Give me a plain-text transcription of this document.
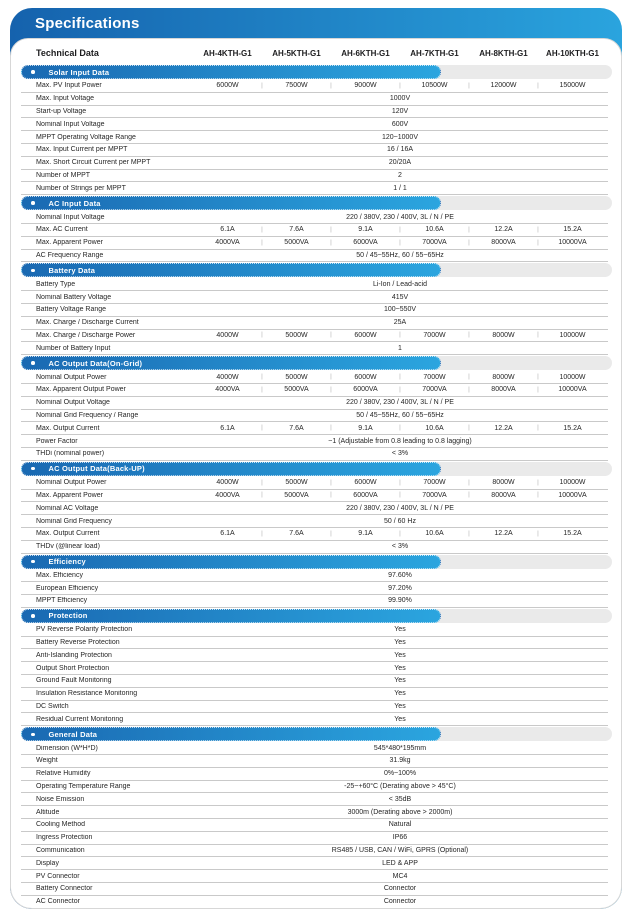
Specifications
Technical Data	AH-4KTH-G1	AH-5KTH-G1	AH-6KTH-G1	AH-7KTH-G1	AH-8KTH-G1	AH-10KTH-G1
Solar Input Data
Max. PV Input Power	6000W	| 7500W	| 9000W	| 10500W	| 12000W	| 15000W
Max. Input Voltage	1000V
Start-up Voltage	120V
Nominal Input Voltage	600V
MPPT Operating Voltage Range	120~1000V
Max. Input Current per MPPT	16 / 16A
Max. Short Circuit Current per MPPT	20/20A
Number of MPPT	2
Number of Strings per MPPT	1 / 1
AC Input Data
Nominal Input Voltage	220 / 380V, 230 / 400V, 3L / N / PE
Max. AC Current	6.1A	| 7.6A	| 9.1A	| 10.6A	| 12.2A	| 15.2A
Max. Apparent Power	4000VA	| 5000VA	| 6000VA	| 7000VA	| 8000VA	| 10000VA
AC Frequency Range	50 / 45~55Hz, 60 / 55~65Hz
Battery Data
Battery Type	Li-Ion / Lead-acid
Nominal Battery Voltage	415V
Battery Voltage Range	100~550V
Max. Charge / Discharge Current	25A
Max. Charge / Discharge Power	4000W	| 5000W	| 6000W	| 7000W	| 8000W	| 10000W
Number of Battery Input	1
AC Output Data(On-Grid)
Nominal Output Power	4000W	| 5000W	| 6000W	| 7000W	| 8000W	| 10000W
Max. Apparent Output Power	4000VA	| 5000VA	| 6000VA	| 7000VA	| 8000VA	| 10000VA
Nominal Output Voltage	220 / 380V, 230 / 400V, 3L / N / PE
Nominal Grid Frequency / Range	50 / 45~55Hz, 60 / 55~65Hz
Max. Output Current	6.1A	| 7.6A	| 9.1A	| 10.6A	| 12.2A	| 15.2A
Power Factor	~1 (Adjustable from 0.8 leading to 0.8 lagging)
THDi (nominal power)	< 3%
AC Output Data(Back-UP)
Nominal Output Power	4000W	| 5000W	| 6000W	| 7000W	| 8000W	| 10000W
Max. Apparent Power	4000VA	| 5000VA	| 6000VA	| 7000VA	| 8000VA	| 10000VA
Nominal AC Voltage	220 / 380V, 230 / 400V, 3L / N / PE
Nominal Grid Frequency	50 / 60 Hz
Max. Output Current	6.1A	| 7.6A	| 9.1A	| 10.6A	| 12.2A	| 15.2A
THDv (@linear load)	< 3%
Efficiency
Max. Efficiency	97.60%
European Efficiency	97.20%
MPPT Efficiency	99.90%
Protection
PV Reverse Polarity Protection	Yes
Battery Reverse Protection	Yes
Anti-Islanding Protection	Yes
Output Short Protection	Yes
Ground Fault Monitoring	Yes
Insulation Resistance Monitoring	Yes
DC Switch	Yes
Residual Current Monitoring	Yes
General Data
Dimension (W*H*D)	545*480*195mm
Weight	31.9kg
Relative Humidity	0%~100%
Operating Temperature Range	-25~+60°C (Derating above > 45°C)
Noise Emission	< 35dB
Altitude	3000m (Derating above > 2000m)
Cooling Method	Natural
Ingress Protection	IP66
Communication	RS485 / USB, CAN / WiFi, GPRS (Optional)
Display	LED & APP
PV Connector	MC4
Battery Connector	Connector
AC Connector	Connector
